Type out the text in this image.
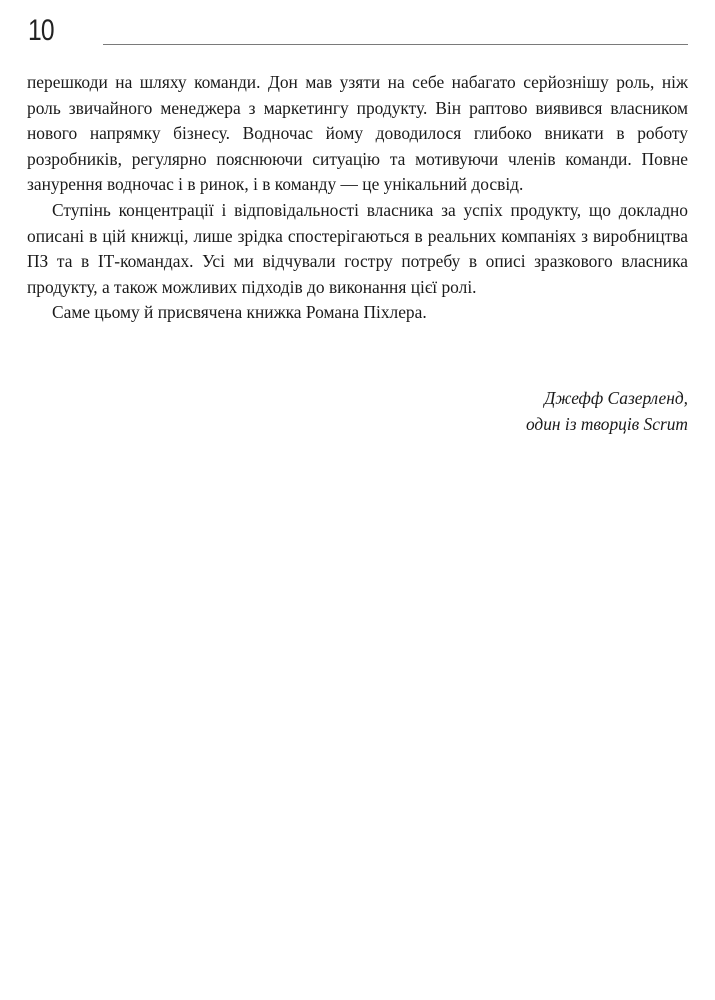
10

перешкоди на шляху команди. Дон мав узяти на себе набагато серйознішу роль, ніж роль звичайного менеджера з маркетингу продукту. Він раптово виявився власником нового напрямку бізнесу. Водночас йому доводилося глибоко вникати в роботу розробників, регулярно пояснюючи ситуацію та мотивуючи членів команди. Повне занурення водночас і в ринок, і в команду — це унікальний досвід.

Ступінь концентрації і відповідальності власника за успіх продукту, що докладно описані в цій книжці, лише зрідка спостерігаються в реальних компаніях з виробництва ПЗ та в ІТ-командах. Усі ми відчували гостру потребу в описі зразкового власника продукту, а також можливих підходів до виконання цієї ролі.

Саме цьому й присвячена книжка Романа Піхлера.

Джефф Сазерленд,
один із творців Scrum
